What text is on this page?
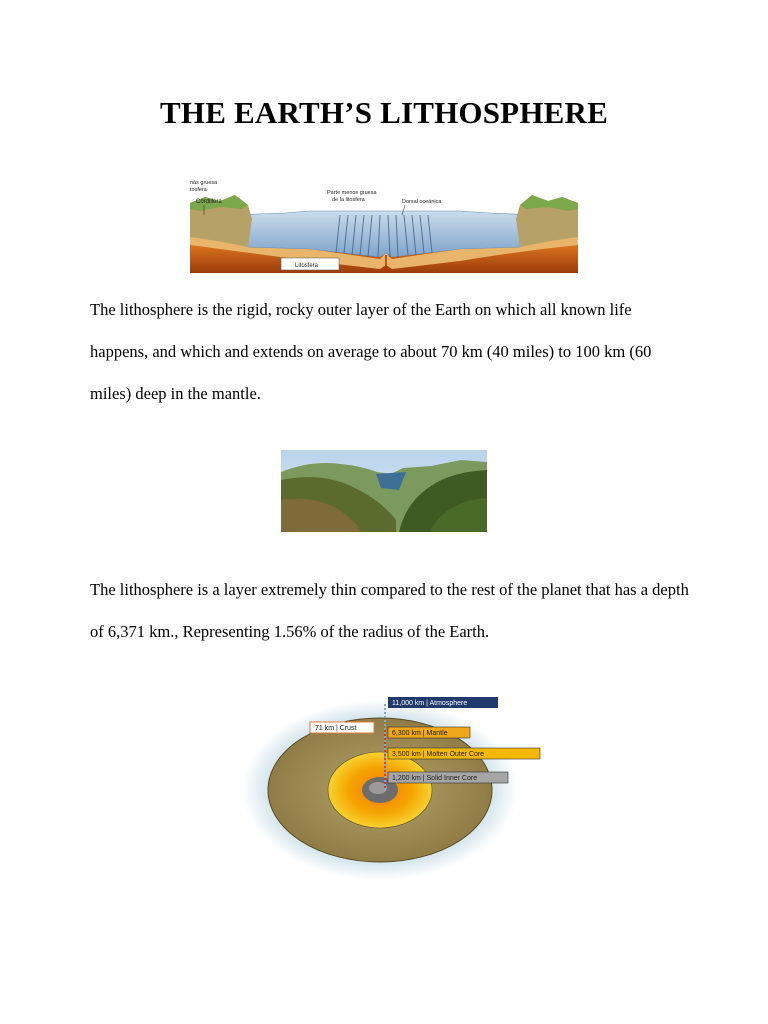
THE EARTH’S LITHOSPHERE
nás gruesa
tosfera
Cordillera
Parte menos gruesa
de la litosfera	Dorsal oceánica
Litosfera

The lithosphere is the rigid, rocky outer layer of the Earth on which all known life happens, and which and extends on average to about 70 km (40 miles) to 100 km (60 miles) deep in the mantle.

The lithosphere is a layer extremely thin compared to the rest of the planet that has a depth of 6,371 km., Representing 1.56% of the radius of the Earth.

11,000 km | Atmosphere
71 km | Crust
6,300 km | Mantle
3,500 km | Molten Outer Core
1,200 km | Solid Inner Core
